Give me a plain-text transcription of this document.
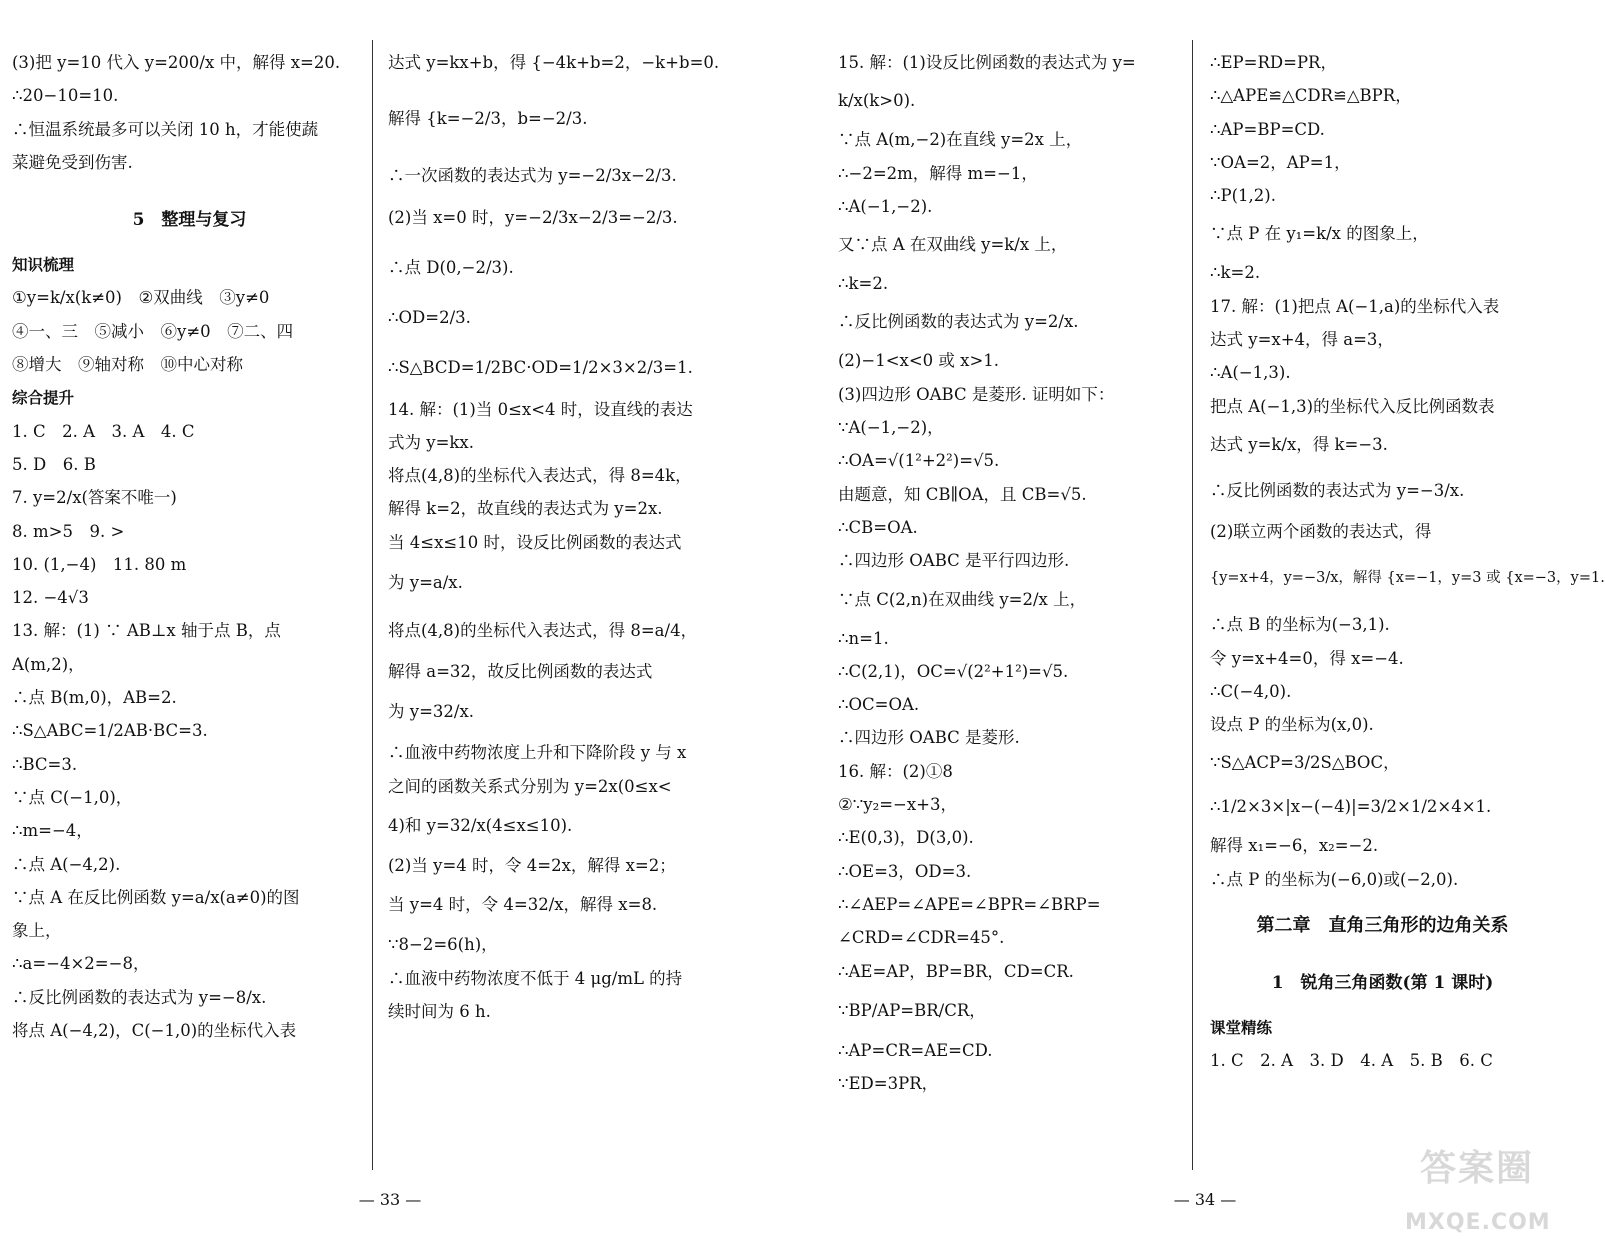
(3)把 y=10 代入 y=200/x 中，解得 x=20.
∴20−10=10.
∴恒温系统最多可以关闭 10 h，才能使蔬
菜避免受到伤害.
5　整理与复习
知识梳理
①y=k/x(k≠0)　②双曲线　③y≠0
④一、三　⑤减小　⑥y≠0　⑦二、四
⑧增大　⑨轴对称　⑩中心对称
综合提升
1. C　2. A　3. A　4. C
5. D　6. B
7. y=2/x(答案不唯一)
8. m>5　9. >
10. (1,−4)　11. 80 m
12. −4√3
13. 解：(1) ∵ AB⊥x 轴于点 B，点
A(m,2)，
∴点 B(m,0)，AB=2.
∴S△ABC=1/2AB·BC=3.
∴BC=3.
∵点 C(−1,0)，
∴m=−4，
∴点 A(−4,2).
∵点 A 在反比例函数 y=a/x(a≠0)的图
象上，
∴a=−4×2=−8，
∴反比例函数的表达式为 y=−8/x.
将点 A(−4,2)，C(−1,0)的坐标代入表
达式 y=kx+b，得 {−4k+b=2，−k+b=0.
解得 {k=−2/3，b=−2/3.
∴一次函数的表达式为 y=−2/3x−2/3.
(2)当 x=0 时，y=−2/3x−2/3=−2/3.
∴点 D(0,−2/3).
∴OD=2/3.
∴S△BCD=1/2BC·OD=1/2×3×2/3=1.
14. 解：(1)当 0≤x<4 时，设直线的表达
式为 y=kx.
将点(4,8)的坐标代入表达式，得 8=4k，
解得 k=2，故直线的表达式为 y=2x.
当 4≤x≤10 时，设反比例函数的表达式
为 y=a/x.
将点(4,8)的坐标代入表达式，得 8=a/4，
解得 a=32，故反比例函数的表达式
为 y=32/x.
∴血液中药物浓度上升和下降阶段 y 与 x
之间的函数关系式分别为 y=2x(0≤x<
4)和 y=32/x(4≤x≤10).
(2)当 y=4 时，令 4=2x，解得 x=2；
当 y=4 时，令 4=32/x，解得 x=8.
∵8−2=6(h)，
∴血液中药物浓度不低于 4 μg/mL 的持
续时间为 6 h.
— 33 —
15. 解：(1)设反比例函数的表达式为 y=
k/x(k>0).
∵点 A(m,−2)在直线 y=2x 上，
∴−2=2m，解得 m=−1，
∴A(−1,−2).
又∵点 A 在双曲线 y=k/x 上，
∴k=2.
∴反比例函数的表达式为 y=2/x.
(2)−1<x<0 或 x>1.
(3)四边形 OABC 是菱形. 证明如下：
∵A(−1,−2)，
∴OA=√(1²+2²)=√5.
由题意，知 CB∥OA，且 CB=√5.
∴CB=OA.
∴四边形 OABC 是平行四边形.
∵点 C(2,n)在双曲线 y=2/x 上，
∴n=1.
∴C(2,1)，OC=√(2²+1²)=√5.
∴OC=OA.
∴四边形 OABC 是菱形.
16. 解：(2)①8
②∵y₂=−x+3，
∴E(0,3)，D(3,0).
∴OE=3，OD=3.
∴∠AEP=∠APE=∠BPR=∠BRP=
∠CRD=∠CDR=45°.
∴AE=AP，BP=BR，CD=CR.
∵BP/AP=BR/CR，
∴AP=CR=AE=CD.
∵ED=3PR，
∴EP=RD=PR，
∴△APE≌△CDR≌△BPR，
∴AP=BP=CD.
∵OA=2，AP=1，
∴P(1,2).
∵点 P 在 y₁=k/x 的图象上，
∴k=2.
17. 解：(1)把点 A(−1,a)的坐标代入表
达式 y=x+4，得 a=3，
∴A(−1,3).
把点 A(−1,3)的坐标代入反比例函数表
达式 y=k/x，得 k=−3.
∴反比例函数的表达式为 y=−3/x.
(2)联立两个函数的表达式，得
{y=x+4，y=−3/x，解得 {x=−1，y=3 或 {x=−3，y=1.
∴点 B 的坐标为(−3,1).
令 y=x+4=0，得 x=−4.
∴C(−4,0).
设点 P 的坐标为(x,0).
∵S△ACP=3/2S△BOC，
∴1/2×3×|x−(−4)|=3/2×1/2×4×1.
解得 x₁=−6，x₂=−2.
∴点 P 的坐标为(−6,0)或(−2,0).
第二章　直角三角形的边角关系
1　锐角三角函数(第 1 课时)
课堂精练
1. C　2. A　3. D　4. A　5. B　6. C
— 34 —
答案圈
MXQE.COM
